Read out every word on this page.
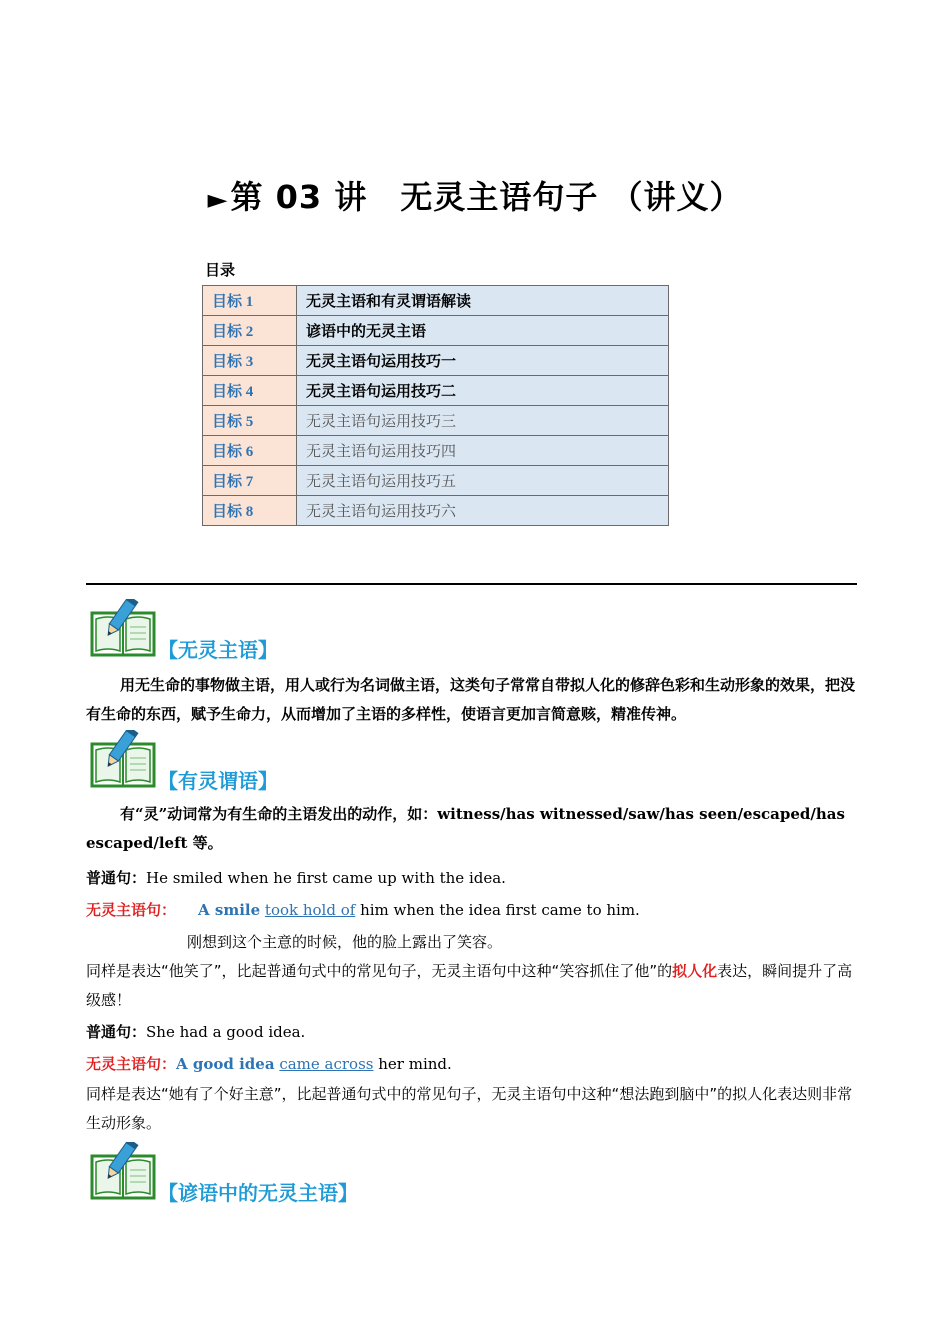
►第 03 讲　无灵主语句子 （讲义）
目录
目标 1	无灵主语和有灵谓语解读
目标 2	谚语中的无灵主语
目标 3	无灵主语句运用技巧一
目标 4	无灵主语句运用技巧二
目标 5	无灵主语句运用技巧三
目标 6	无灵主语句运用技巧四
目标 7	无灵主语句运用技巧五
目标 8	无灵主语句运用技巧六
【无灵主语】
用无生命的事物做主语，用人或行为名词做主语，这类句子常常自带拟人化的修辞色彩和生动形象的效果，把没有生命的东西，赋予生命力，从而增加了主语的多样性，使语言更加言简意赅，精准传神。
【有灵谓语】
有“灵”动词常为有生命的主语发出的动作，如：witness/has witnessed/saw/has seen/escaped/has escaped/left 等。
普通句：He smiled when he first came up with the idea.
无灵主语句： A smile took hold of him when the idea first came to him.
刚想到这个主意的时候，他的脸上露出了笑容。
同样是表达“他笑了”，比起普通句式中的常见句子，无灵主语句中这种“笑容抓住了他”的拟人化表达，瞬间提升了高级感！
普通句：She had a good idea.
无灵主语句：A good idea came across her mind.
同样是表达“她有了个好主意”，比起普通句式中的常见句子，无灵主语句中这种“想法跑到脑中”的拟人化表达则非常生动形象。
【谚语中的无灵主语】
